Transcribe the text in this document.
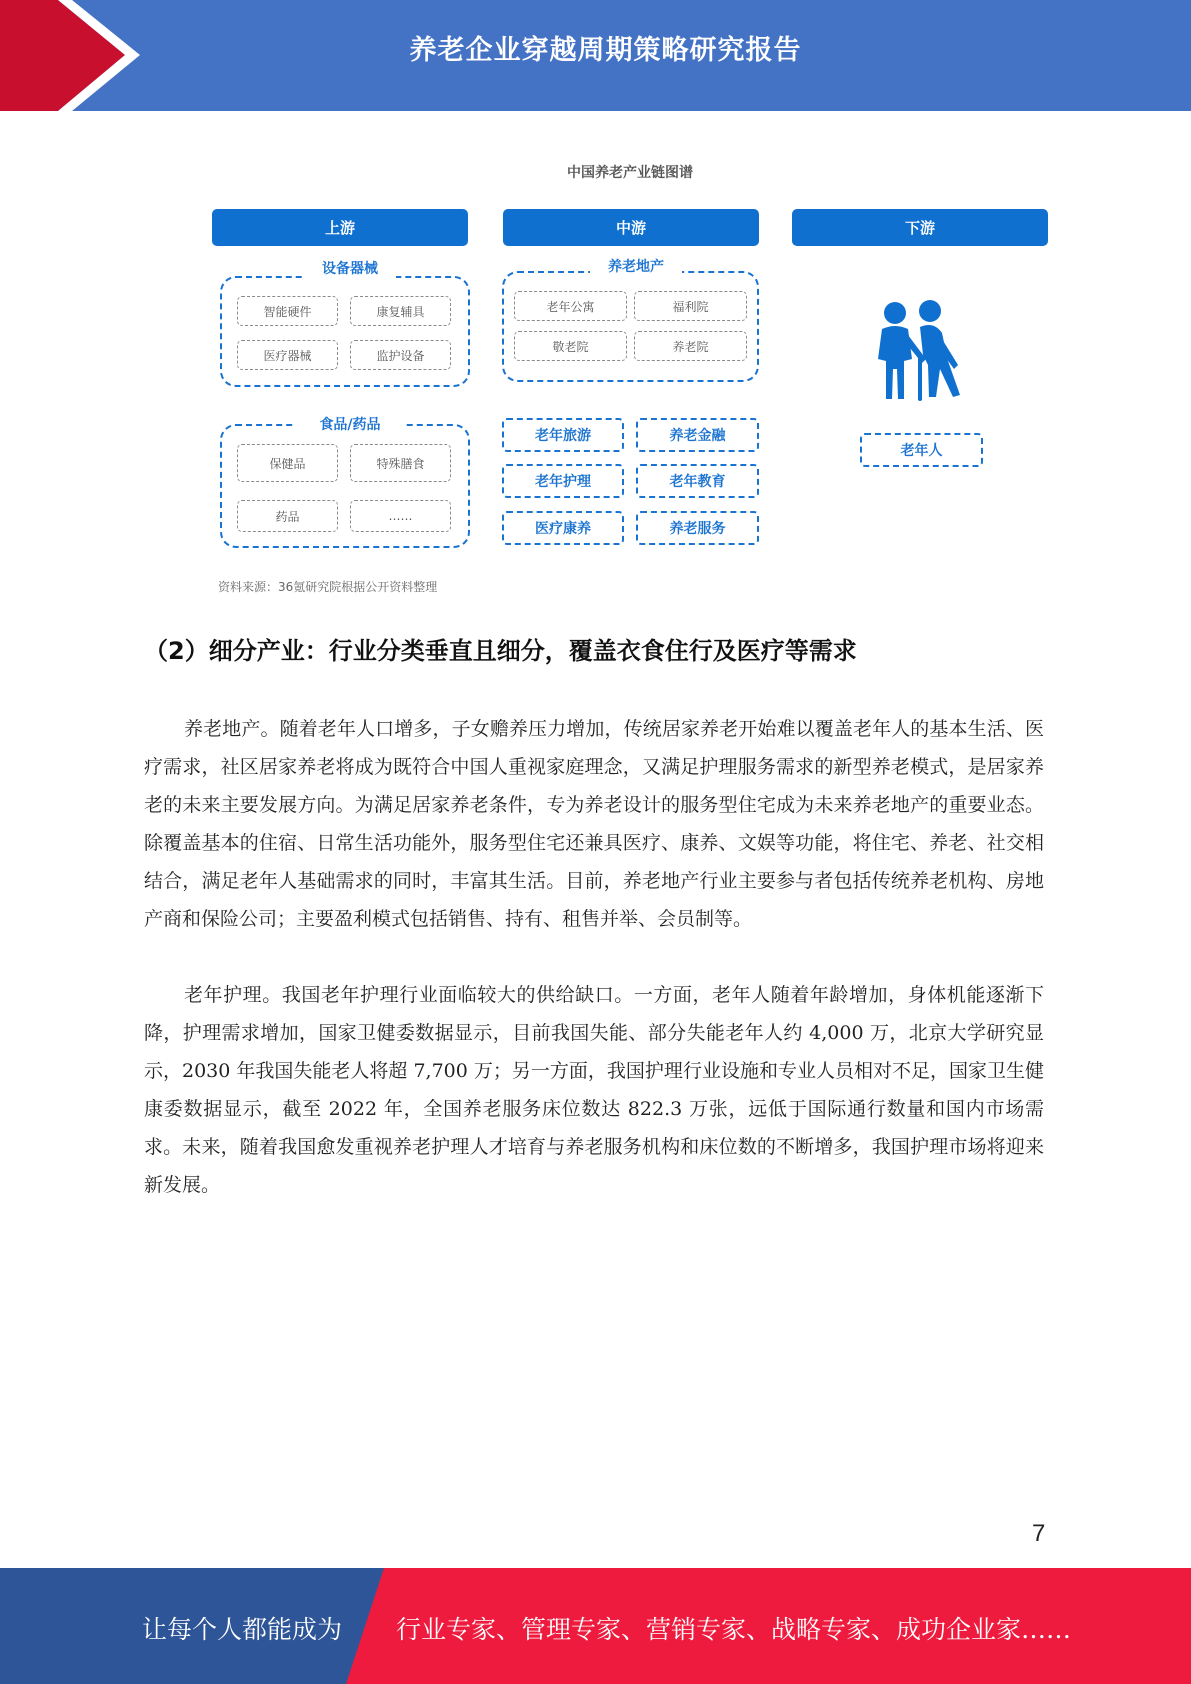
养老企业穿越周期策略研究报告
中国养老产业链图谱
上游	中游	下游
设备器械
智能硬件	康复辅具
医疗器械	监护设备
食品/药品
保健品	特殊膳食
药品	……
养老地产
老年公寓	福利院
敬老院	养老院
老年旅游	养老金融
老年护理	老年教育
医疗康养	养老服务
老年人
资料来源：36氪研究院根据公开资料整理
（2）细分产业：行业分类垂直且细分，覆盖衣食住行及医疗等需求

养老地产。随着老年人口增多，子女赡养压力增加，传统居家养老开始难以覆盖老年人的基本生活、医疗需求，社区居家养老将成为既符合中国人重视家庭理念，又满足护理服务需求的新型养老模式，是居家养老的未来主要发展方向。为满足居家养老条件，专为养老设计的服务型住宅成为未来养老地产的重要业态。除覆盖基本的住宿、日常生活功能外，服务型住宅还兼具医疗、康养、文娱等功能，将住宅、养老、社交相结合，满足老年人基础需求的同时，丰富其生活。目前，养老地产行业主要参与者包括传统养老机构、房地产商和保险公司；主要盈利模式包括销售、持有、租售并举、会员制等。

老年护理。我国老年护理行业面临较大的供给缺口。一方面，老年人随着年龄增加，身体机能逐渐下降，护理需求增加，国家卫健委数据显示，目前我国失能、部分失能老年人约 4,000 万，北京大学研究显示，2030 年我国失能老人将超 7,700 万；另一方面，我国护理行业设施和专业人员相对不足，国家卫生健康委数据显示，截至 2022 年，全国养老服务床位数达 822.3 万张，远低于国际通行数量和国内市场需求。未来，随着我国愈发重视养老护理人才培育与养老服务机构和床位数的不断增多，我国护理市场将迎来新发展。

7
让每个人都能成为 行业专家、管理专家、营销专家、战略专家、成功企业家……
